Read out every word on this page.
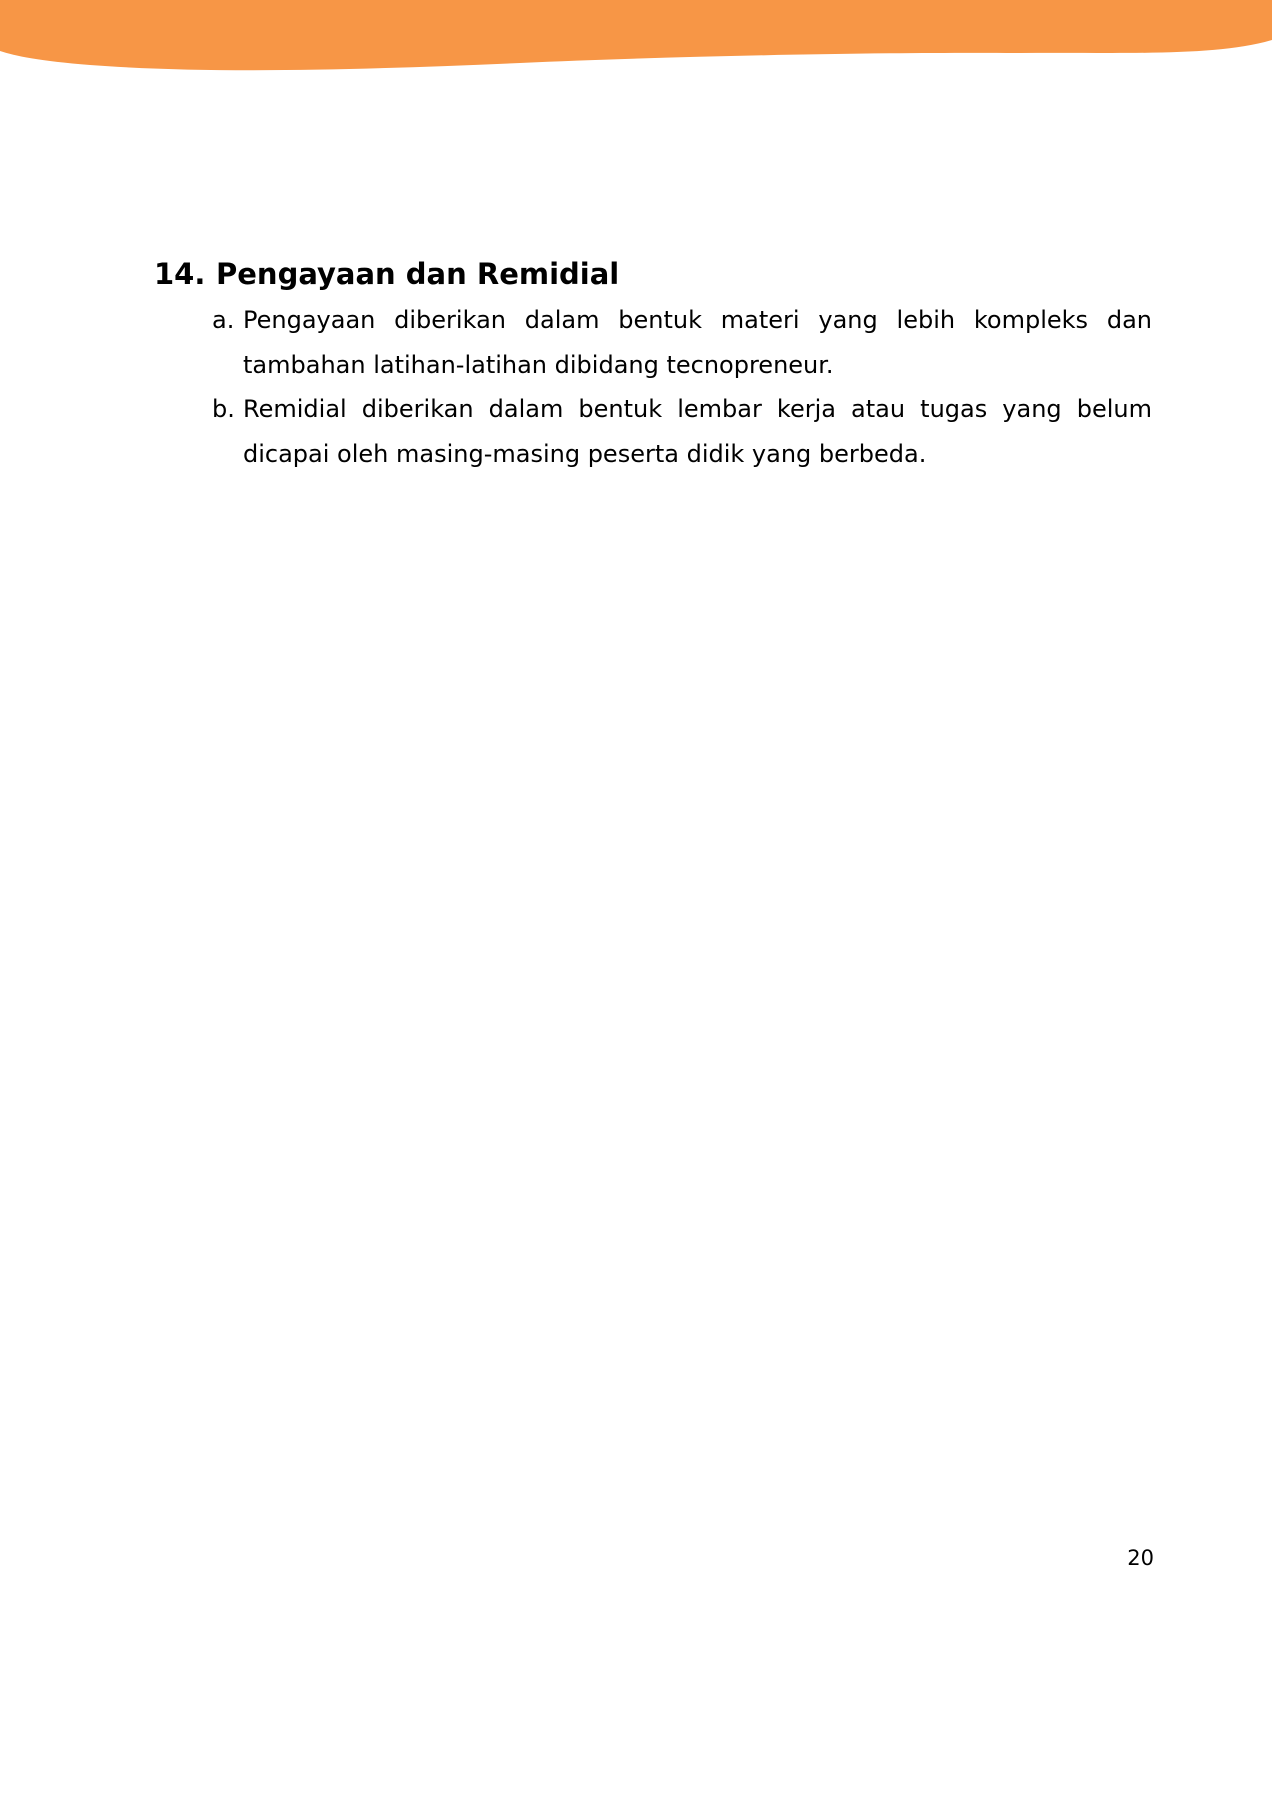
14. Pengayaan dan Remidial
a. Pengayaan diberikan dalam bentuk materi yang lebih kompleks dan tambahan latihan-latihan dibidang tecnopreneur.
b. Remidial diberikan dalam bentuk lembar kerja atau tugas yang belum dicapai oleh masing-masing peserta didik yang berbeda.
20
